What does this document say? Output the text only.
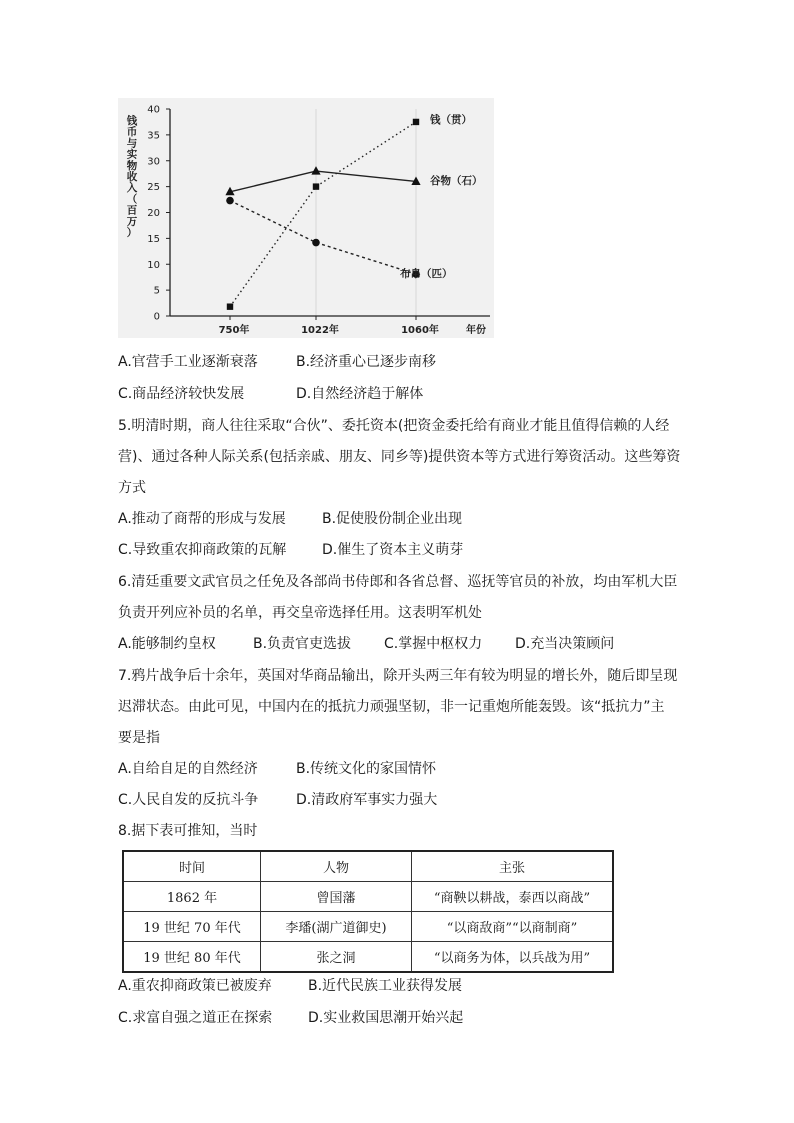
0
5
10
15
20
25
30
35
40
750年	1022年	1060年	年份
钱
币
与
实
物
收
入
（
百
万
）
钱（贯）
谷物（石）
布帛（匹）
A.官营手工业逐渐衰落	B.经济重心已逐步南移
C.商品经济较快发展	D.自然经济趋于解体
5.明清时期，商人往往采取“合伙”、委托资本(把资金委托给有商业才能且值得信赖的人经
营)、通过各种人际关系(包括亲戚、朋友、同乡等)提供资本等方式进行筹资活动。这些筹资
方式
A.推动了商帮的形成与发展	B.促使股份制企业出现
C.导致重农抑商政策的瓦解	D.催生了资本主义萌芽
6.清廷重要文武官员之任免及各部尚书侍郎和各省总督、巡抚等官员的补放，均由军机大臣
负责开列应补员的名单，再交皇帝选择任用。这表明军机处
A.能够制约皇权	B.负责官吏选拔 C.掌握中枢权力 D.充当决策顾问
7.鸦片战争后十余年，英国对华商品输出，除开头两三年有较为明显的增长外，随后即呈现
迟滞状态。由此可见，中国内在的抵抗力顽强坚韧，非一记重炮所能轰毁。该“抵抗力”主
要是指
A.自给自足的自然经济	B.传统文化的家国情怀
C.人民自发的反抗斗争	D.清政府军事实力强大
8.据下表可推知，当时
时间	人物	主张
1862 年	曾国藩	“商鞅以耕战，泰西以商战”
19 世纪 70 年代	李璠(湖广道御史)	“以商敌商”“以商制商”
19 世纪 80 年代	张之洞	“以商务为体，以兵战为用”
A.重农抑商政策已被废弃	B.近代民族工业获得发展
C.求富自强之道正在探索	D.实业救国思潮开始兴起
